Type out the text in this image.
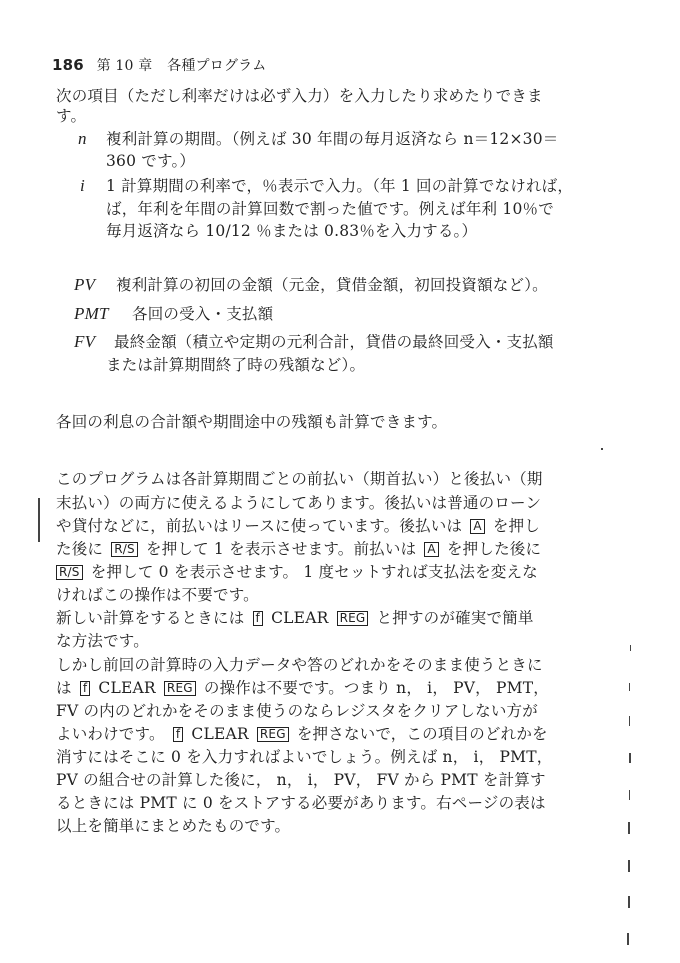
186 第 10 章 各種プログラム
次の項目（ただし利率だけは必ず入力）を入力したり求めたりできま
す。
n 複利計算の期間。（例えば 30 年間の毎月返済なら n＝12×30＝
360 です。）
i 1 計算期間の利率で，％表示で入力。（年 1 回の計算でなければ，
ば，年利を年間の計算回数で割った値です。例えば年利 10％で
毎月返済なら 10/12 ％または 0.83％を入力する。）
PV 複利計算の初回の金額（元金，貸借金額，初回投資額など）。
PMT 各回の受入・支払額
FV 最終金額（積立や定期の元利合計，貸借の最終回受入・支払額
または計算期間終了時の残額など）。
各回の利息の合計額や期間途中の残額も計算できます。
このプログラムは各計算期間ごとの前払い（期首払い）と後払い（期
末払い）の両方に使えるようにしてあります。後払いは普通のローン
や貸付などに，前払いはリースに使っています。後払いは A を押し
た後に R/S を押して 1 を表示させます。前払いは A を押した後に
R/S を押して 0 を表示させます。 1 度セットすれば支払法を変えな
ければこの操作は不要です。
新しい計算をするときには f CLEAR REG と押すのが確実で簡単
な方法です。
しかし前回の計算時の入力データや答のどれかをそのまま使うときに
は f CLEAR REG の操作は不要です。つまり n， i， PV， PMT，
FV の内のどれかをそのまま使うのならレジスタをクリアしない方が
よいわけです。 f CLEAR REG を押さないで，この項目のどれかを
消すにはそこに 0 を入力すればよいでしょう。例えば n， i， PMT，
PV の組合せの計算した後に， n， i， PV， FV から PMT を計算す
るときには PMT に 0 をストアする必要があります。右ページの表は
以上を簡単にまとめたものです。
